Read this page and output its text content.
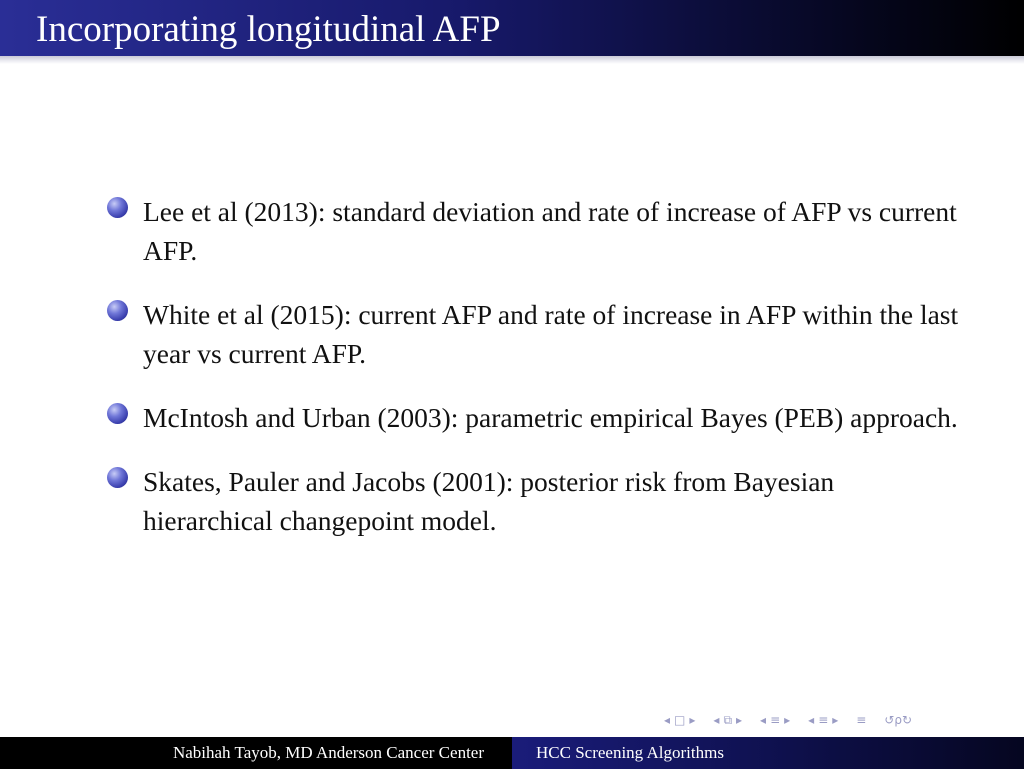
Incorporating longitudinal AFP
Lee et al (2013): standard deviation and rate of increase of AFP vs current AFP.
White et al (2015): current AFP and rate of increase in AFP within the last year vs current AFP.
McIntosh and Urban (2003): parametric empirical Bayes (PEB) approach.
Skates, Pauler and Jacobs (2001): posterior risk from Bayesian hierarchical changepoint model.
◂ □ ▸ ◂ ⧉ ▸ ◂ ≡ ▸ ◂ ≡ ▸ ≡ ↺ρ↻
Nabihah Tayob, MD Anderson Cancer Center	HCC Screening Algorithms
